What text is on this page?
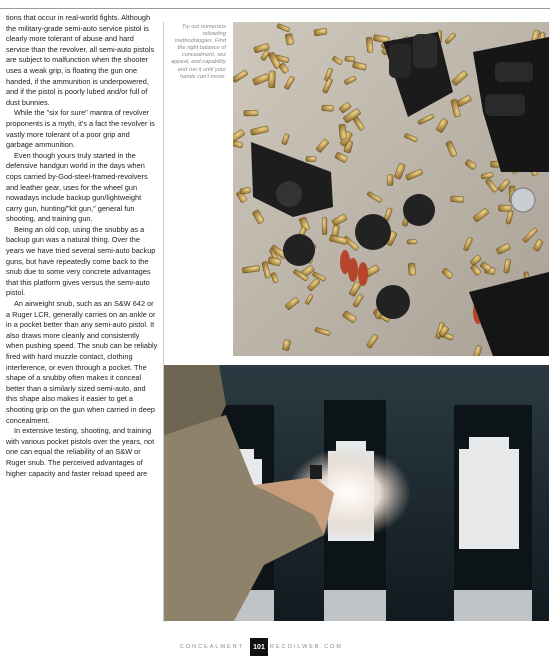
tions that occur in real-world fights. Although the military-grade semi-auto service pistol is clearly more tolerant of abuse and hard service than the revolver, all semi-auto pistols are subject to malfunction when the shooter uses a weak grip, is floating the gun one handed, if the ammunition is underpowered, and if the pistol is poorly lubed and/or full of dust bunnies.

While the "six for sure" mantra of revolver proponents is a myth, it's a fact the revolver is vastly more tolerant of a poor grip and garbage ammunition.

Even though yours truly started in the defensive handgun world in the days when cops carried by-God-steel-framed-revolvers and leather gear, uses for the wheel gun nowadays include backup gun/lightweight carry gun, hunting/"kit gun," general fun shooting, and training gun.

Being an old cop, using the snubby as a backup gun was a natural thing. Over the years we have tried several semi-auto backup guns, but have repeatedly come back to the snub due to some very concrete advantages that this platform gives versus the semi-auto pistol.

An airweight snub, such as an S&W 642 or a Ruger LCR, generally carries on an ankle or in a pocket better than any semi-auto pistol. It also draws more cleanly and consistently when pushing speed. The snub can be reliably fired with hard muzzle contact, clothing interference, or even through a pocket. The shape of a snubby often makes it conceal better than a similarly sized semi-auto, and this shape also makes it easier to get a shooting grip on the gun when carried in deep concealment.

In extensive testing, shooting, and training with various pocket pistols over the years, not one can equal the reliability of an S&W or Ruger snub. The perceived advantages of higher capacity and faster reload speed are

Try out numerous reloading methodologies. Find the right balance of concealment, sex appeal, and capability and run it until your hands can't move.
CONCEALMENT	101 RECOILWEB.COM
